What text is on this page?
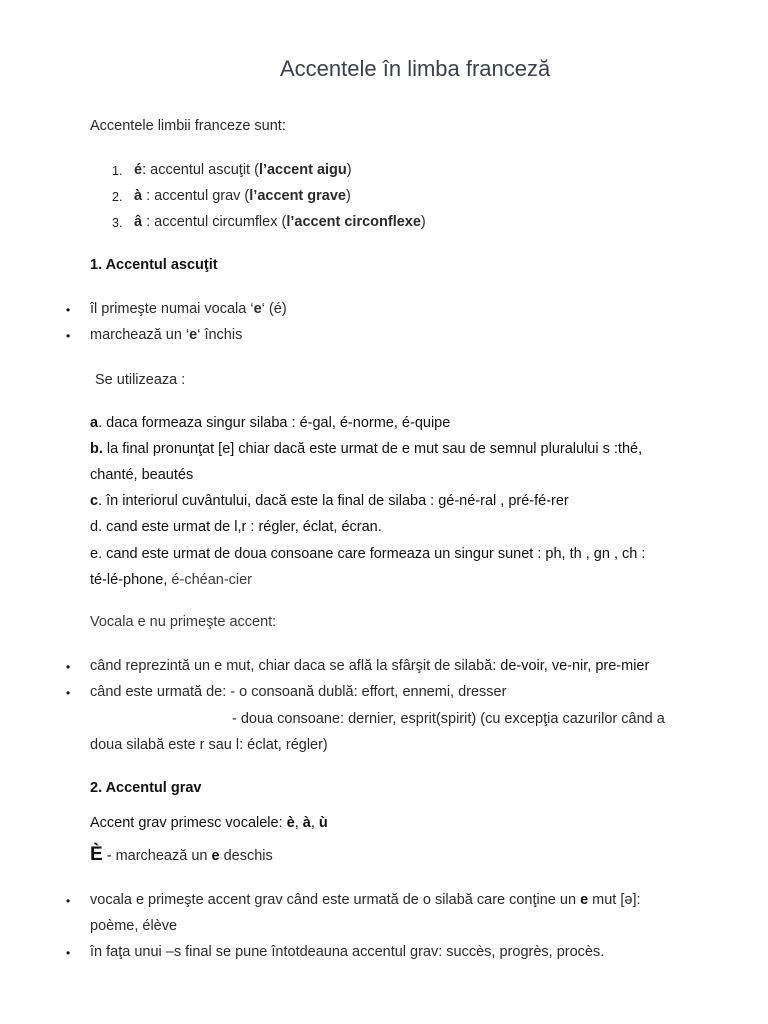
Accentele în limba franceză
Accentele limbii franceze sunt:
1. é: accentul ascuţit (l’accent aigu)
2. à : accentul grav (l’accent grave)
3. â : accentul circumflex (l’accent circonflexe)
1. Accentul ascuţit
• îl primeşte numai vocala ‘e‘ (é)
• marchează un ‘e‘ închis
Se utilizeaza :
a. daca formeaza singur silaba : é-gal, é-norme, é-quipe
b. la final pronunţat [e] chiar dacă este urmat de e mut sau de semnul pluralului s :thé,
chanté, beautés
c. în interiorul cuvântului, dacă este la final de silaba : gé-né-ral , pré-fé-rer
d. cand este urmat de l,r : régler, éclat, écran.
e. cand este urmat de doua consoane care formeaza un singur sunet : ph, th , gn , ch :
té-lé-phone, é-chéan-cier
Vocala e nu primeşte accent:
• când reprezintă un e mut, chiar daca se află la sfârşit de silabă: de-voir, ve-nir, pre-mier
• când este urmată de: - o consoană dublă: effort, ennemi, dresser
- doua consoane: dernier, esprit(spirit) (cu excepţia cazurilor când a
doua silabă este r sau l: éclat, régler)
2. Accentul grav
Accent grav primesc vocalele: è, à, ù
È - marchează un e deschis
• vocala e primeşte accent grav când este urmată de o silabă care conţine un e mut [ə]:
poème, élève
• în faţa unui –s final se pune întotdeauna accentul grav: succès, progrès, procès.
